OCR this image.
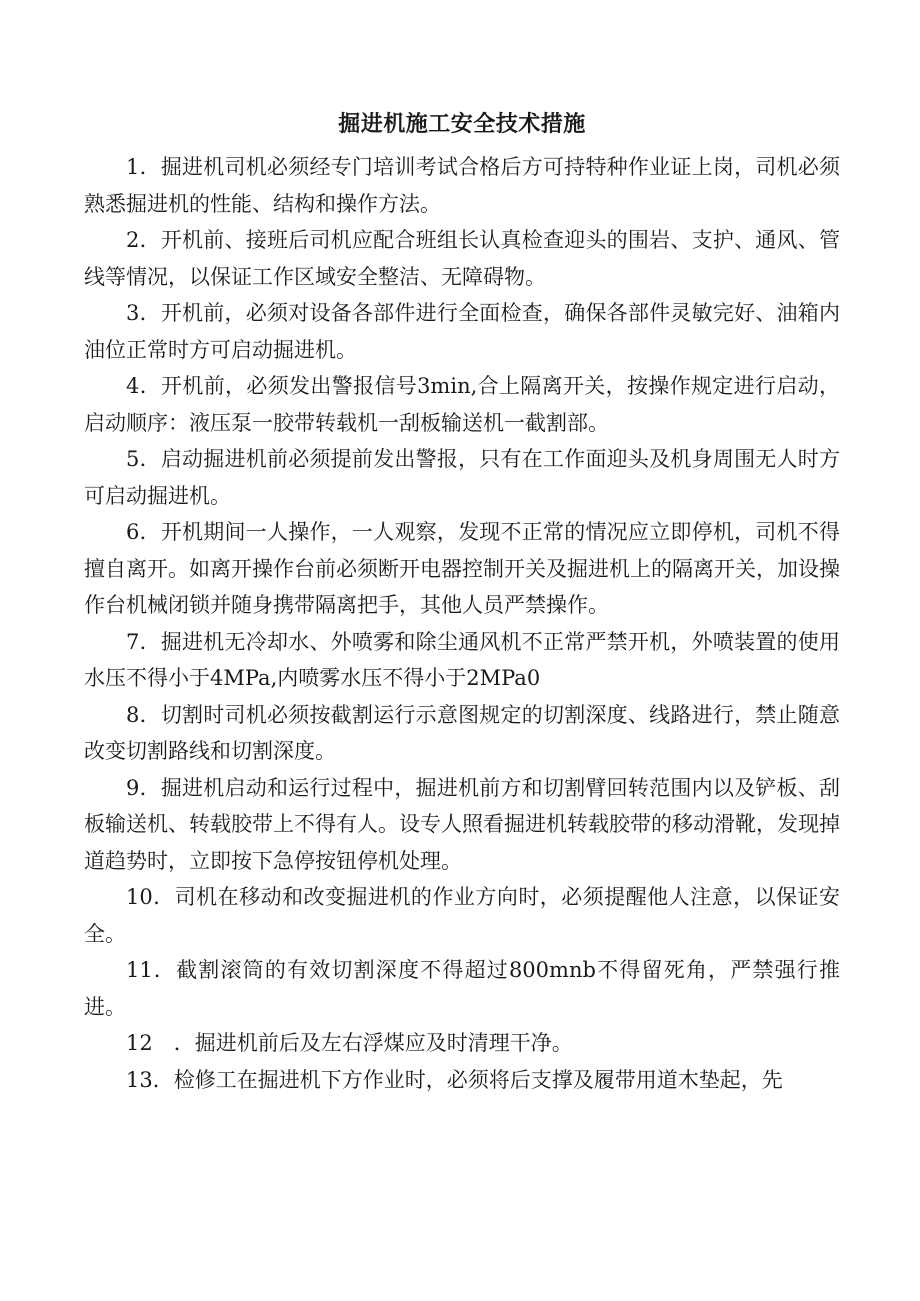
掘进机施工安全技术措施

1．掘进机司机必须经专门培训考试合格后方可持特种作业证上岗，司机必须熟悉掘进机的性能、结构和操作方法。

2．开机前、接班后司机应配合班组长认真检查迎头的围岩、支护、通风、管线等情况，以保证工作区域安全整洁、无障碍物。

3．开机前，必须对设备各部件进行全面检查，确保各部件灵敏完好、油箱内油位正常时方可启动掘进机。

4．开机前，必须发出警报信号3min,合上隔离开关，按操作规定进行启动，启动顺序：液压泵一胶带转载机一刮板输送机一截割部。

5．启动掘进机前必须提前发出警报，只有在工作面迎头及机身周围无人时方可启动掘进机。

6．开机期间一人操作，一人观察，发现不正常的情况应立即停机，司机不得擅自离开。如离开操作台前必须断开电器控制开关及掘进机上的隔离开关，加设操作台机械闭锁并随身携带隔离把手，其他人员严禁操作。

7．掘进机无冷却水、外喷雾和除尘通风机不正常严禁开机，外喷装置的使用水压不得小于4MPa,内喷雾水压不得小于2MPa0

8．切割时司机必须按截割运行示意图规定的切割深度、线路进行，禁止随意改变切割路线和切割深度。

9．掘进机启动和运行过程中，掘进机前方和切割臂回转范围内以及铲板、刮板输送机、转载胶带上不得有人。设专人照看掘进机转载胶带的移动滑靴，发现掉道趋势时，立即按下急停按钮停机处理。

10．司机在移动和改变掘进机的作业方向时，必须提醒他人注意，以保证安全。

11．截割滚筒的有效切割深度不得超过800mnb不得留死角，严禁强行推进。

12　．掘进机前后及左右浮煤应及时清理干净。

13．检修工在掘进机下方作业时，必须将后支撑及履带用道木垫起，先
